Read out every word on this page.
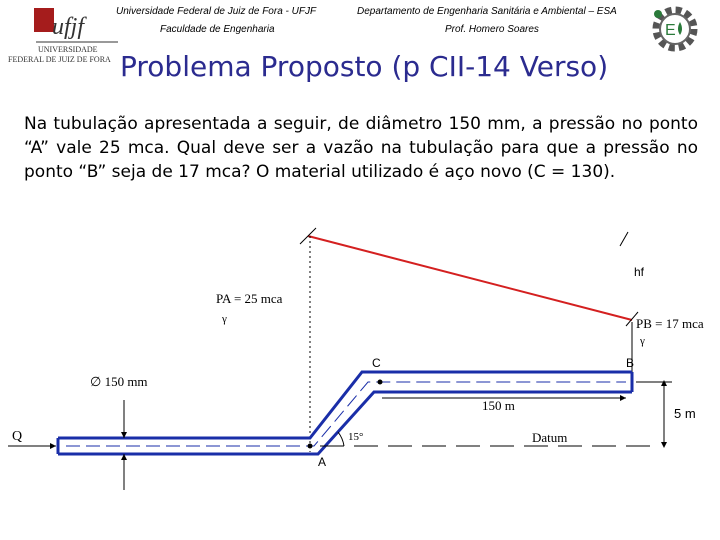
ufjf
UNIVERSIDADE
FEDERAL DE JUIZ DE FORA
Universidade Federal de Juiz de Fora - UFJF
Faculdade de Engenharia
Departamento de Engenharia Sanitária e Ambiental – ESA
Prof. Homero Soares	E
Problema Proposto (p CII-14 Verso)

Na tubulação apresentada a seguir, de diâmetro 150 mm, a pressão no ponto “A” vale 25 mca. Qual deve ser a vazão na tubulação para que a pressão no ponto “B” seja de 17 mca? O material utilizado é aço novo (C = 130).

PA = 25 mca
γ
hf
PB = 17 mca
γ
C	B
A
∅ 150 mm
150 m
5 m
15°	Datum
Q
